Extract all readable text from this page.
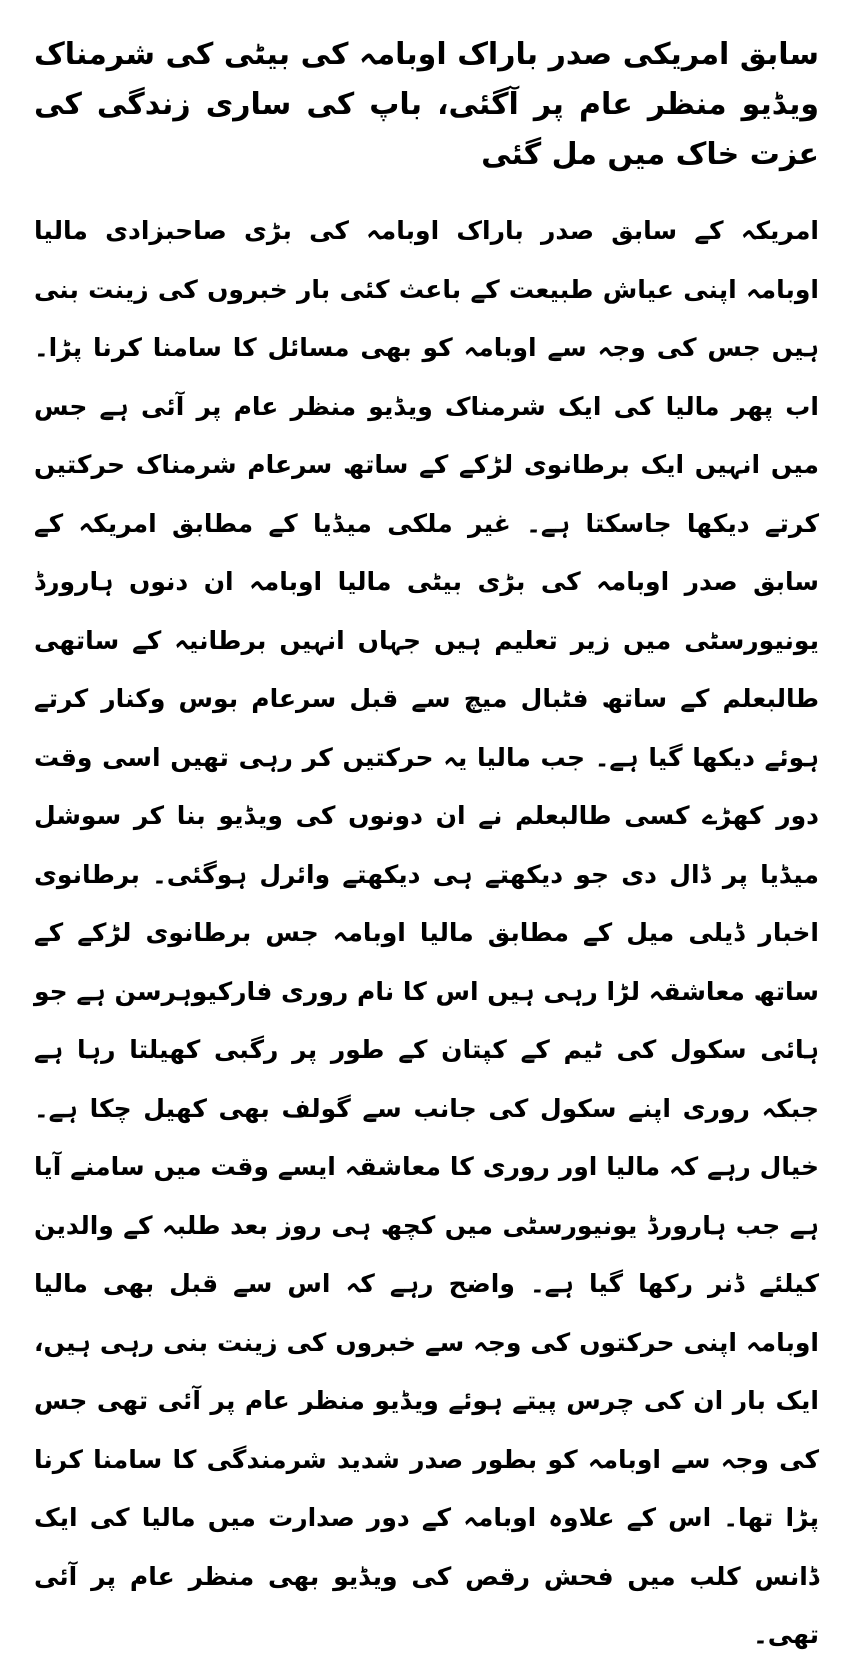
سابق امریکی صدر باراک اوبامہ کی بیٹی کی شرمناک ویڈیو منظر عام پر آگئی، باپ کی ساری زندگی کی عزت خاک میں مل گئی

امریکہ کے سابق صدر باراک اوبامہ کی بڑی صاحبزادی مالیا اوبامہ اپنی عیاش طبیعت کے باعث کئی بار خبروں کی زینت بنی ہیں جس کی وجہ سے اوبامہ کو بھی مسائل کا سامنا کرنا پڑا۔ اب پھر مالیا کی ایک شرمناک ویڈیو منظر عام پر آئی ہے جس میں انہیں ایک برطانوی لڑکے کے ساتھ سرعام شرمناک حرکتیں کرتے دیکھا جاسکتا ہے۔ غیر ملکی میڈیا کے مطابق امریکہ کے سابق صدر اوبامہ کی بڑی بیٹی مالیا اوبامہ ان دنوں ہارورڈ یونیورسٹی میں زیر تعلیم ہیں جہاں انہیں برطانیہ کے ساتھی طالبعلم کے ساتھ فٹبال میچ سے قبل سرعام بوس وکنار کرتے ہوئے دیکھا گیا ہے۔ جب مالیا یہ حرکتیں کر رہی تھیں اسی وقت دور کھڑے کسی طالبعلم نے ان دونوں کی ویڈیو بنا کر سوشل میڈیا پر ڈال دی جو دیکھتے ہی دیکھتے وائرل ہوگئی۔ برطانوی اخبار ڈیلی میل کے مطابق مالیا اوبامہ جس برطانوی لڑکے کے ساتھ معاشقہ لڑا رہی ہیں اس کا نام روری فارکیوہرسن ہے جو ہائی سکول کی ٹیم کے کپتان کے طور پر رگبی کھیلتا رہا ہے جبکہ روری اپنے سکول کی جانب سے گولف بھی کھیل چکا ہے۔ خیال رہے کہ مالیا اور روری کا معاشقہ ایسے وقت میں سامنے آیا ہے جب ہارورڈ یونیورسٹی میں کچھ ہی روز بعد طلبہ کے والدین کیلئے ڈنر رکھا گیا ہے۔ واضح رہے کہ اس سے قبل بھی مالیا اوبامہ اپنی حرکتوں کی وجہ سے خبروں کی زینت بنی رہی ہیں، ایک بار ان کی چرس پیتے ہوئے ویڈیو منظر عام پر آئی تھی جس کی وجہ سے اوبامہ کو بطور صدر شدید شرمندگی کا سامنا کرنا پڑا تھا۔ اس کے علاوہ اوبامہ کے دور صدارت میں مالیا کی ایک ڈانس کلب میں فحش رقص کی ویڈیو بھی منظر عام پر آئی تھی۔
